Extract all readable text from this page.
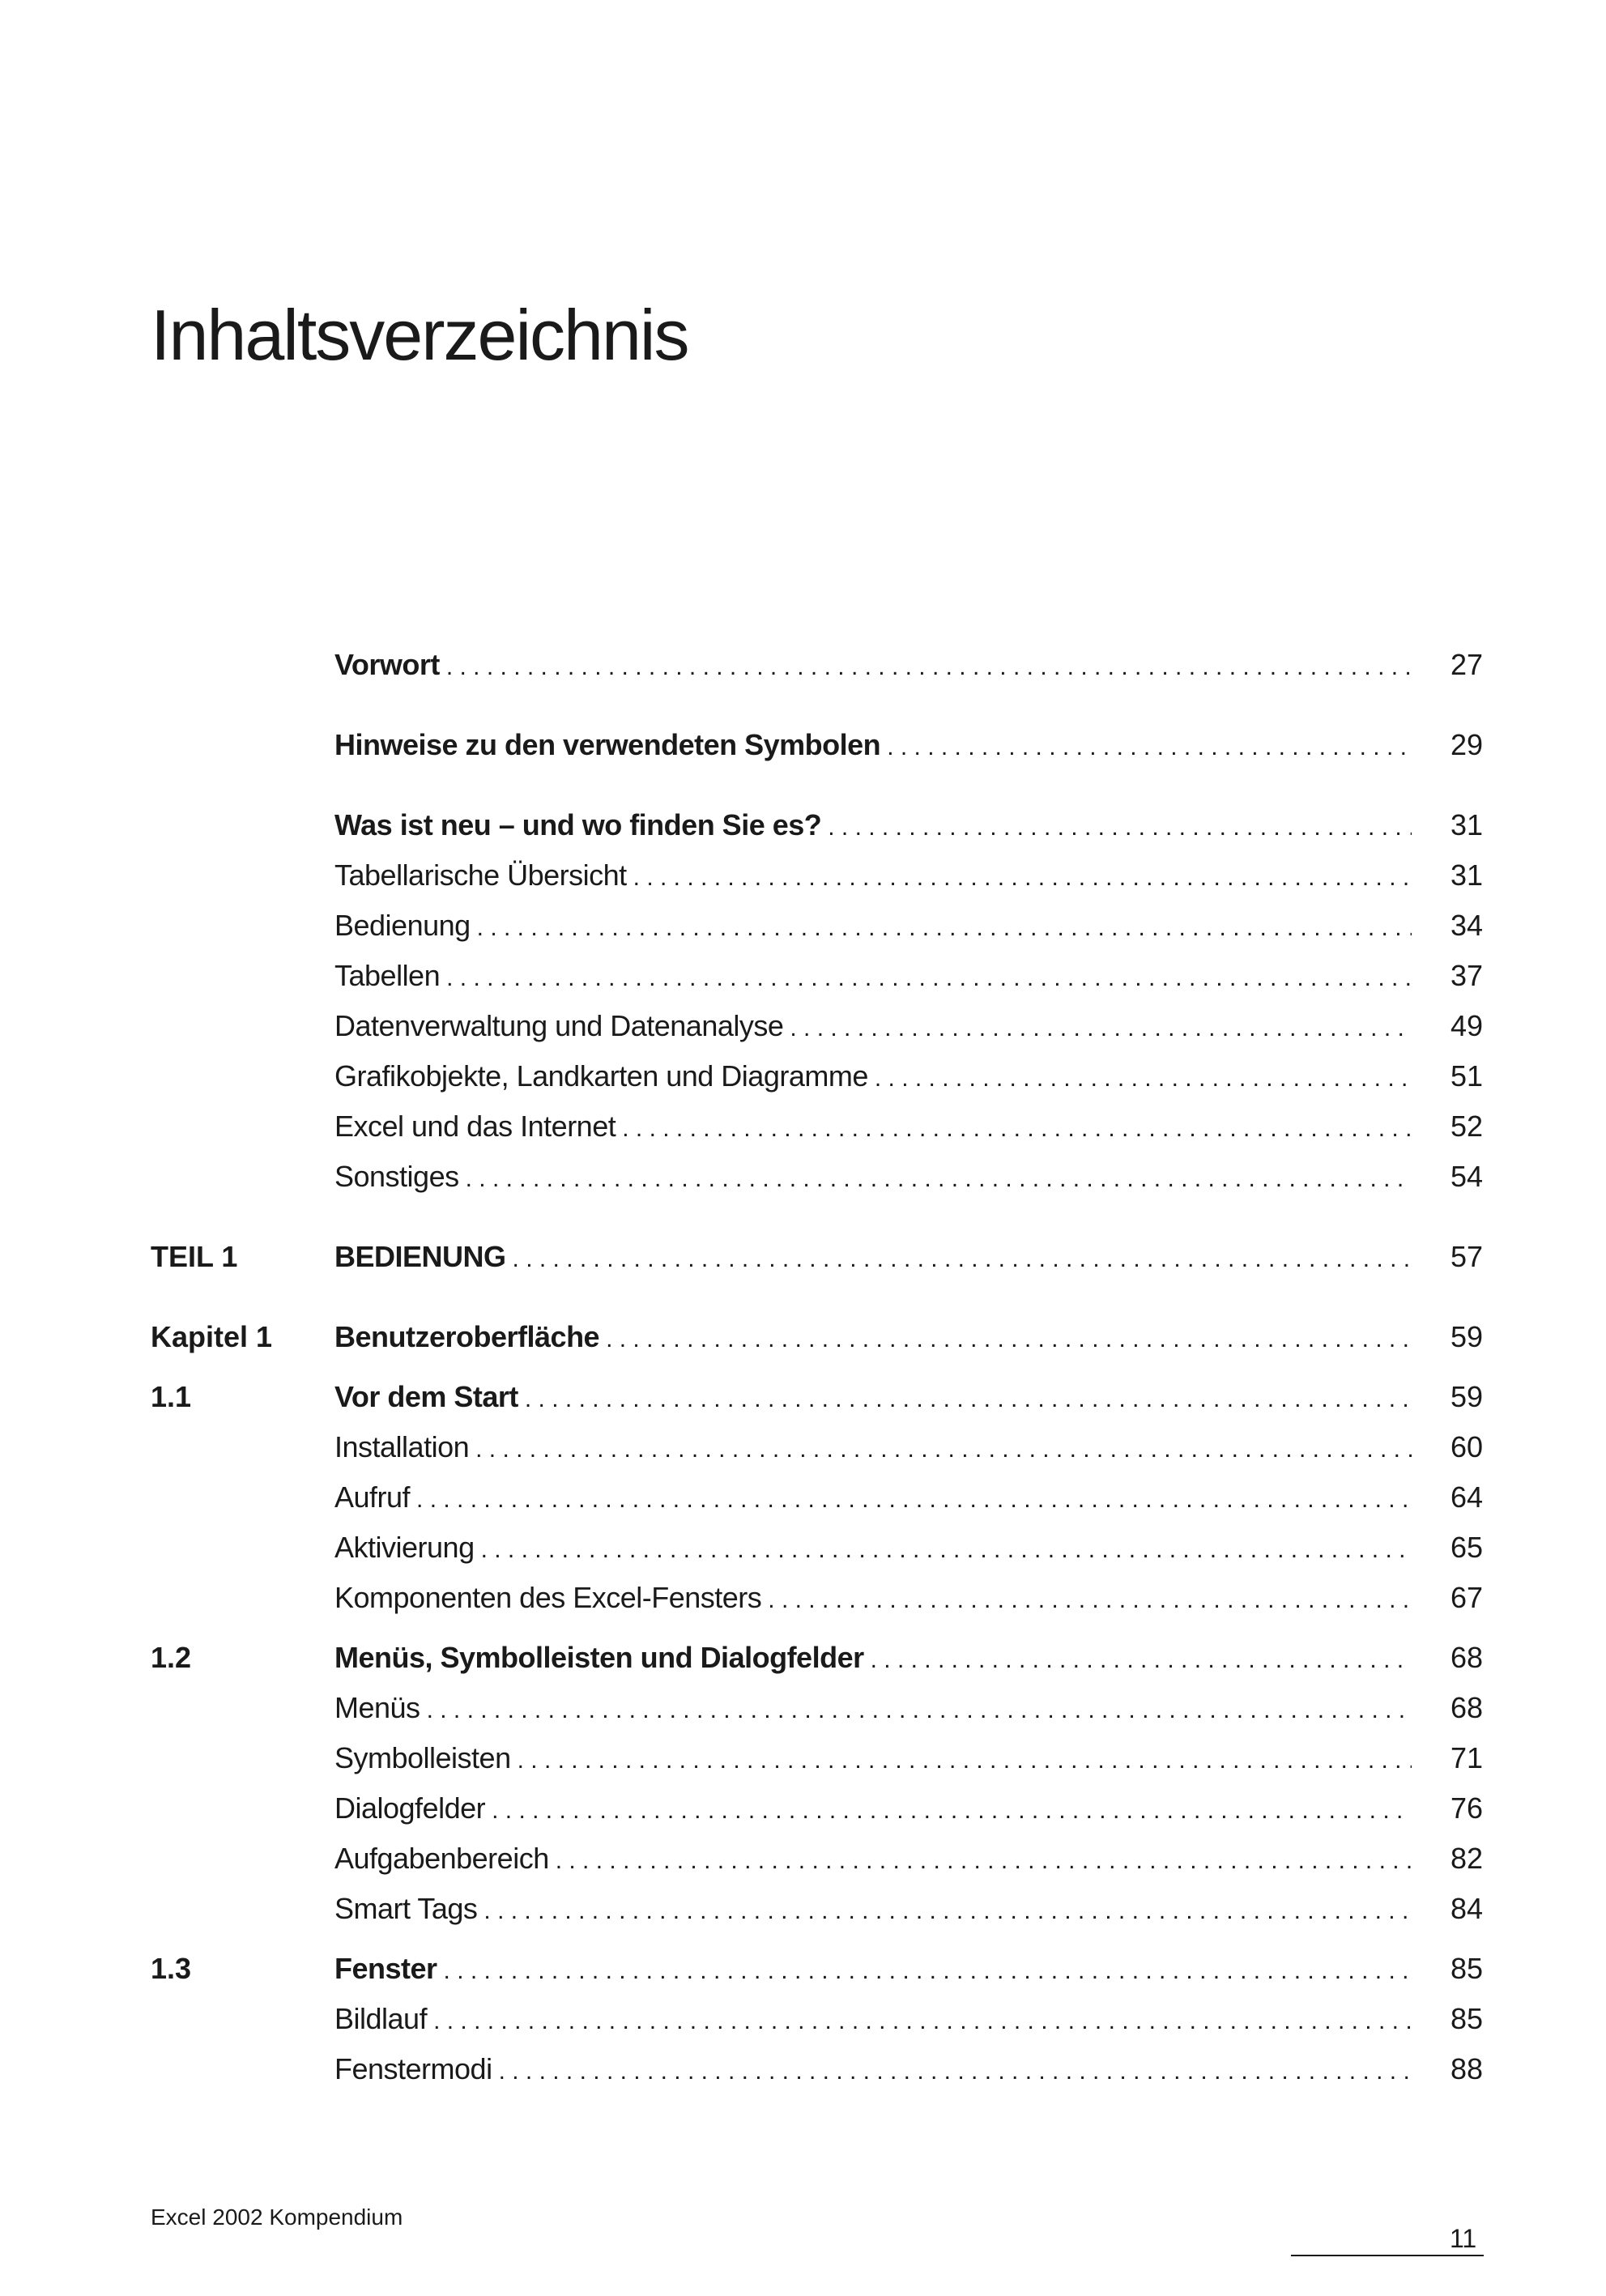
Inhaltsverzeichnis
Vorwort . . .	27
Hinweise zu den verwendeten Symbolen . . .	29
Was ist neu – und wo finden Sie es? . . .	31
Tabellarische Übersicht . . .	31
Bedienung . . .	34
Tabellen . . .	37
Datenverwaltung und Datenanalyse . . .	49
Grafikobjekte, Landkarten und Diagramme . . .	51
Excel und das Internet . . .	52
Sonstiges . . .	54
TEIL 1	BEDIENUNG . . .	57
Kapitel 1	Benutzeroberfläche . . .	59
1.1	Vor dem Start . . .	59
Installation . . .	60
Aufruf . . .	64
Aktivierung . . .	65
Komponenten des Excel-Fensters . . .	67
1.2	Menüs, Symbolleisten und Dialogfelder . . .	68
Menüs . . .	68
Symbolleisten . . .	71
Dialogfelder . . .	76
Aufgabenbereich . . .	82
Smart Tags . . .	84
1.3	Fenster . . .	85
Bildlauf . . .	85
Fenstermodi . . .	88
Excel 2002 Kompendium
11
